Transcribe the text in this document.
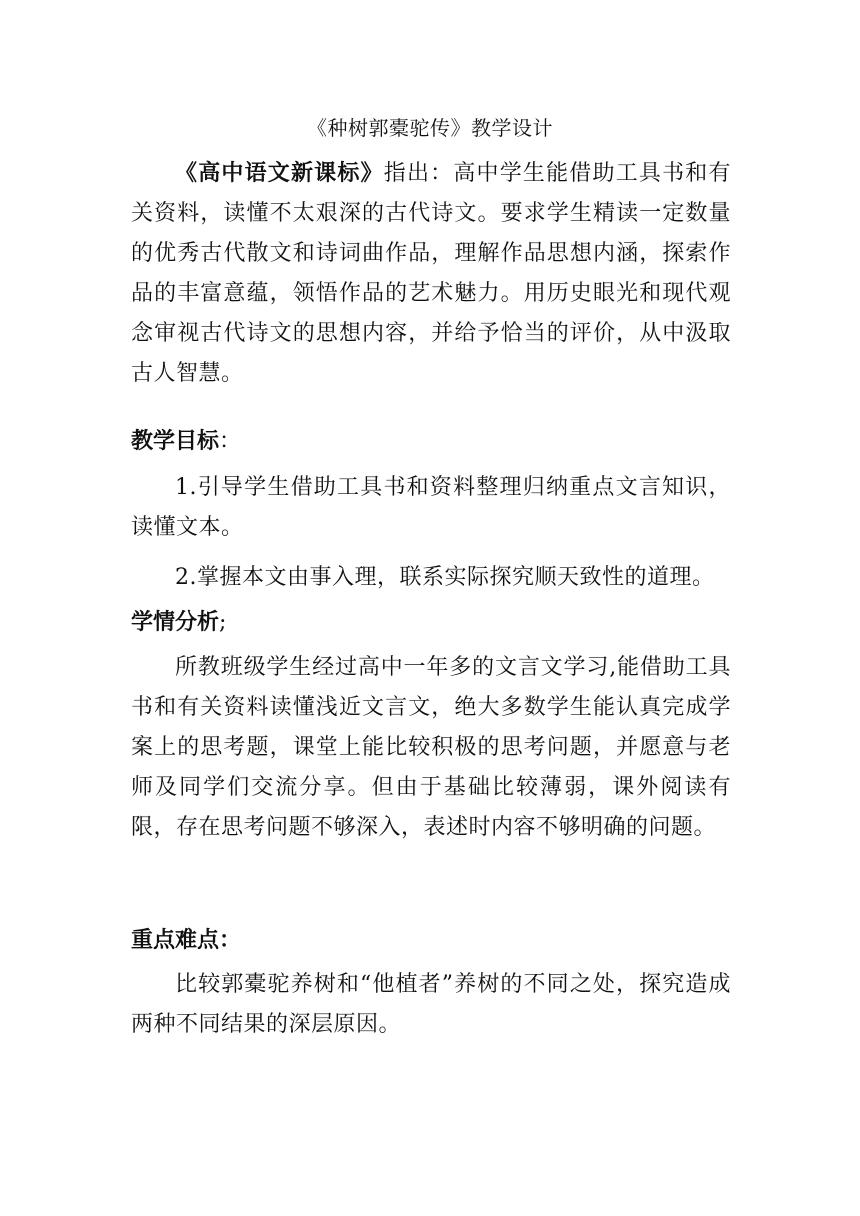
《种树郭橐驼传》教学设计
《高中语文新课标》指出：高中学生能借助工具书和有关资料，读懂不太艰深的古代诗文。要求学生精读一定数量的优秀古代散文和诗词曲作品，理解作品思想内涵，探索作品的丰富意蕴，领悟作品的艺术魅力。用历史眼光和现代观念审视古代诗文的思想内容，并给予恰当的评价，从中汲取古人智慧。
教学目标：
1.引导学生借助工具书和资料整理归纳重点文言知识，读懂文本。
2.掌握本文由事入理，联系实际探究顺天致性的道理。
学情分析;
所教班级学生经过高中一年多的文言文学习,能借助工具书和有关资料读懂浅近文言文，绝大多数学生能认真完成学案上的思考题，课堂上能比较积极的思考问题，并愿意与老师及同学们交流分享。但由于基础比较薄弱，课外阅读有限，存在思考问题不够深入，表述时内容不够明确的问题。
重点难点：
比较郭橐驼养树和“他植者”养树的不同之处，探究造成两种不同结果的深层原因。
